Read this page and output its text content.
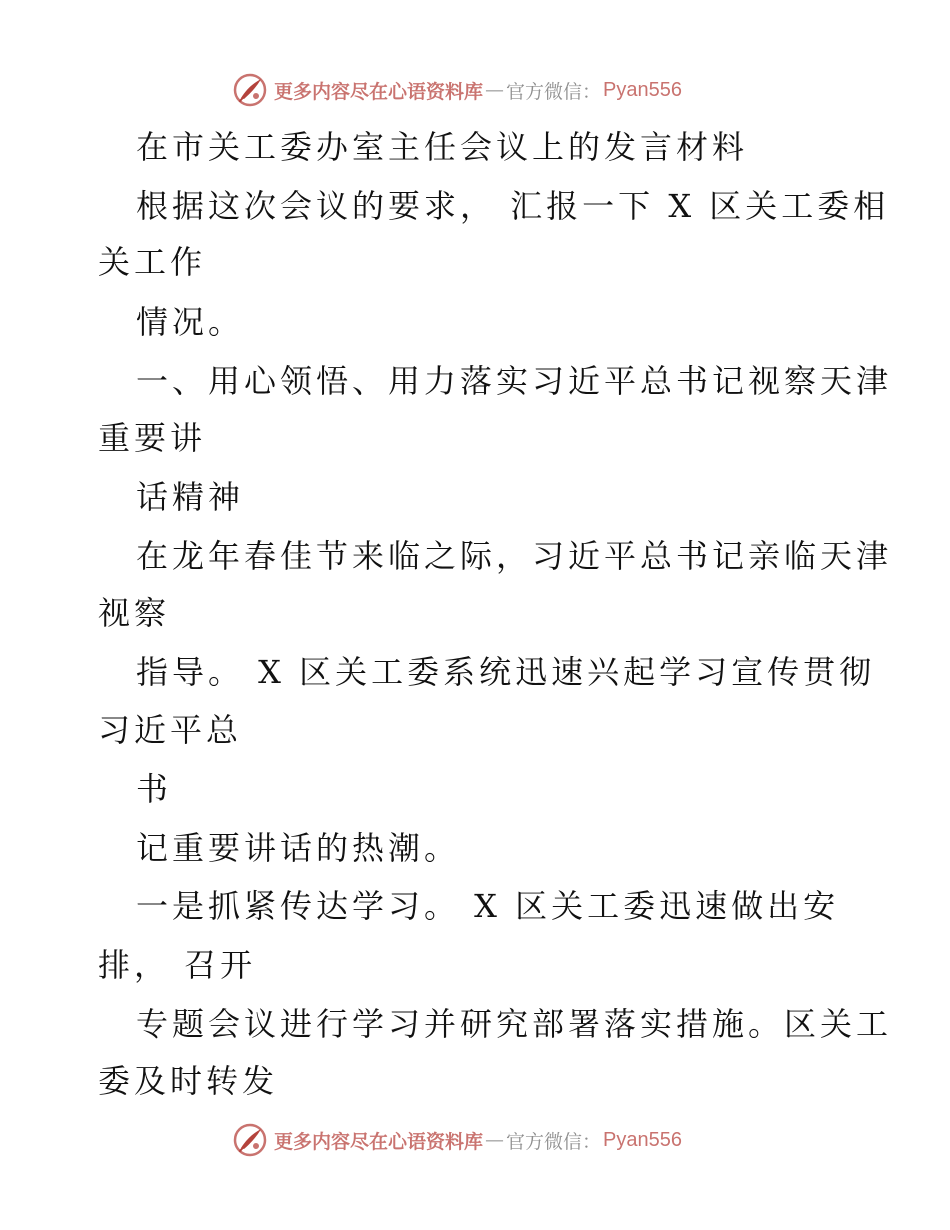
更多内容尽在心语资料库 — 官方微信： Pyan556
在市关工委办室主任会议上的发言材料
根据这次会议的要求， 汇报一下 X 区关工委相
关工作
情况。
一、用心领悟、用力落实习近平总书记视察天津
重要讲
话精神
在龙年春佳节来临之际，习近平总书记亲临天津
视察
指导。 X 区关工委系统迅速兴起学习宣传贯彻
习近平总
书
记重要讲话的热潮。
一是抓紧传达学习。 X 区关工委迅速做出安
排， 召开
专题会议进行学习并研究部署落实措施。区关工
委及时转发
更多内容尽在心语资料库 — 官方微信： Pyan556
